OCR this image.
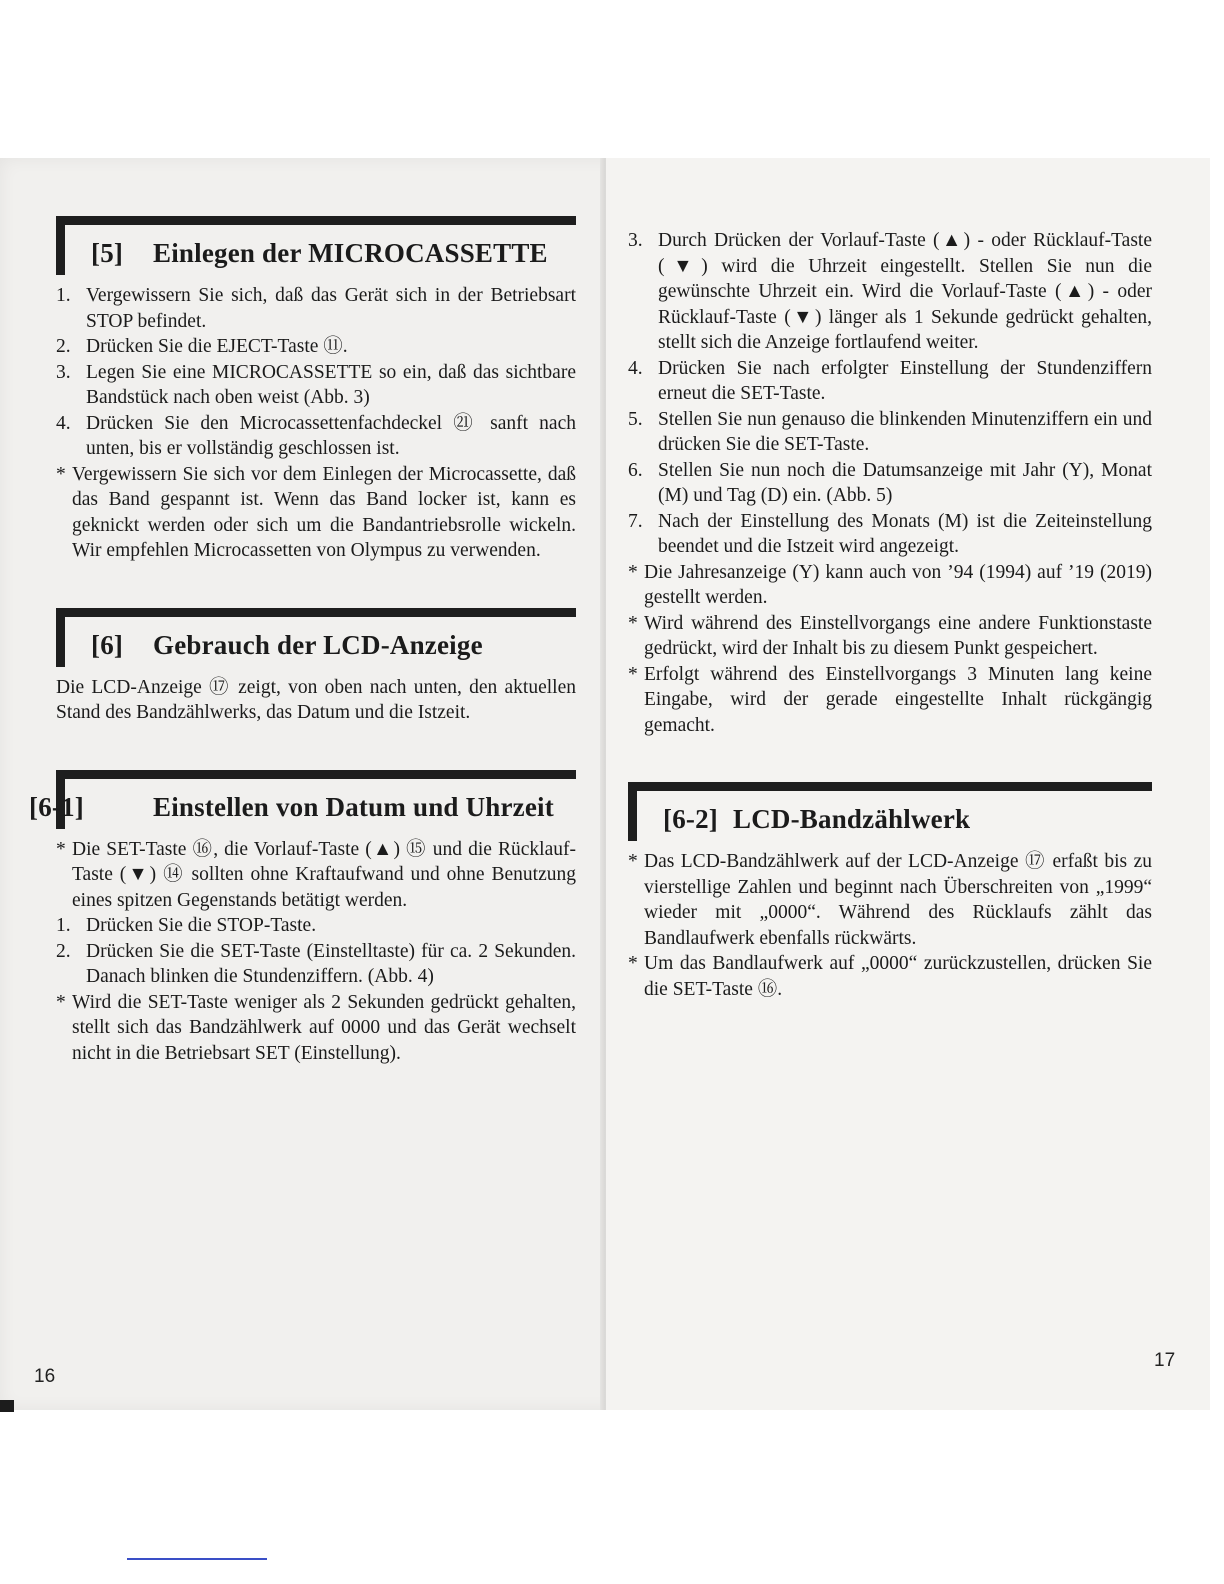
[5] Einlegen der MICROCASSETTE
1. Vergewissern Sie sich, daß das Gerät sich in der Betriebsart STOP befindet.
2. Drücken Sie die EJECT-Taste ⑪.
3. Legen Sie eine MICROCASSETTE so ein, daß das sichtbare Bandstück nach oben weist (Abb. 3)
4. Drücken Sie den Microcassettenfachdeckel ㉑ sanft nach unten, bis er vollständig geschlossen ist.
* Vergewissern Sie sich vor dem Einlegen der Microcassette, daß das Band gespannt ist. Wenn das Band locker ist, kann es geknickt werden oder sich um die Bandantriebsrolle wickeln. Wir empfehlen Microcassetten von Olympus zu verwenden.
[6] Gebrauch der LCD-Anzeige

Die LCD-Anzeige ⑰ zeigt, von oben nach unten, den aktuellen Stand des Bandzählwerks, das Datum und die Istzeit.

[6-1]	Einstellen von Datum und Uhrzeit
* Die SET-Taste ⑯, die Vorlauf-Taste (▲) ⑮ und die Rücklauf-Taste (▼) ⑭ sollten ohne Kraftaufwand und ohne Benutzung eines spitzen Gegenstands betätigt werden.
1. Drücken Sie die STOP-Taste.
2. Drücken Sie die SET-Taste (Einstelltaste) für ca. 2 Sekunden. Danach blinken die Stundenziffern. (Abb. 4)
* Wird die SET-Taste weniger als 2 Sekunden gedrückt gehalten, stellt sich das Bandzählwerk auf 0000 und das Gerät wechselt nicht in die Betriebsart SET (Einstellung).
16
3. Durch Drücken der Vorlauf-Taste (▲) - oder Rücklauf-Taste (▼) wird die Uhrzeit eingestellt. Stellen Sie nun die gewünschte Uhrzeit ein. Wird die Vorlauf-Taste (▲) - oder Rücklauf-Taste (▼) länger als 1 Sekunde gedrückt gehalten, stellt sich die Anzeige fortlaufend weiter.
4. Drücken Sie nach erfolgter Einstellung der Stundenziffern erneut die SET-Taste.
5. Stellen Sie nun genauso die blinkenden Minutenziffern ein und drücken Sie die SET-Taste.
6. Stellen Sie nun noch die Datumsanzeige mit Jahr (Y), Monat (M) und Tag (D) ein. (Abb. 5)
7. Nach der Einstellung des Monats (M) ist die Zeiteinstellung beendet und die Istzeit wird angezeigt.
* Die Jahresanzeige (Y) kann auch von ’94 (1994) auf ’19 (2019) gestellt werden.
* Wird während des Einstellvorgangs eine andere Funktionstaste gedrückt, wird der Inhalt bis zu diesem Punkt gespeichert.
* Erfolgt während des Einstellvorgangs 3 Minuten lang keine Eingabe, wird der gerade eingestellte Inhalt rückgängig gemacht.
[6-2] LCD-Bandzählwerk
* Das LCD-Bandzählwerk auf der LCD-Anzeige ⑰ erfaßt bis zu vierstellige Zahlen und beginnt nach Überschreiten von „1999“ wieder mit „0000“. Während des Rücklaufs zählt das Bandlaufwerk ebenfalls rückwärts.
* Um das Bandlaufwerk auf „0000“ zurückzustellen, drücken Sie die SET-Taste ⑯.
17
